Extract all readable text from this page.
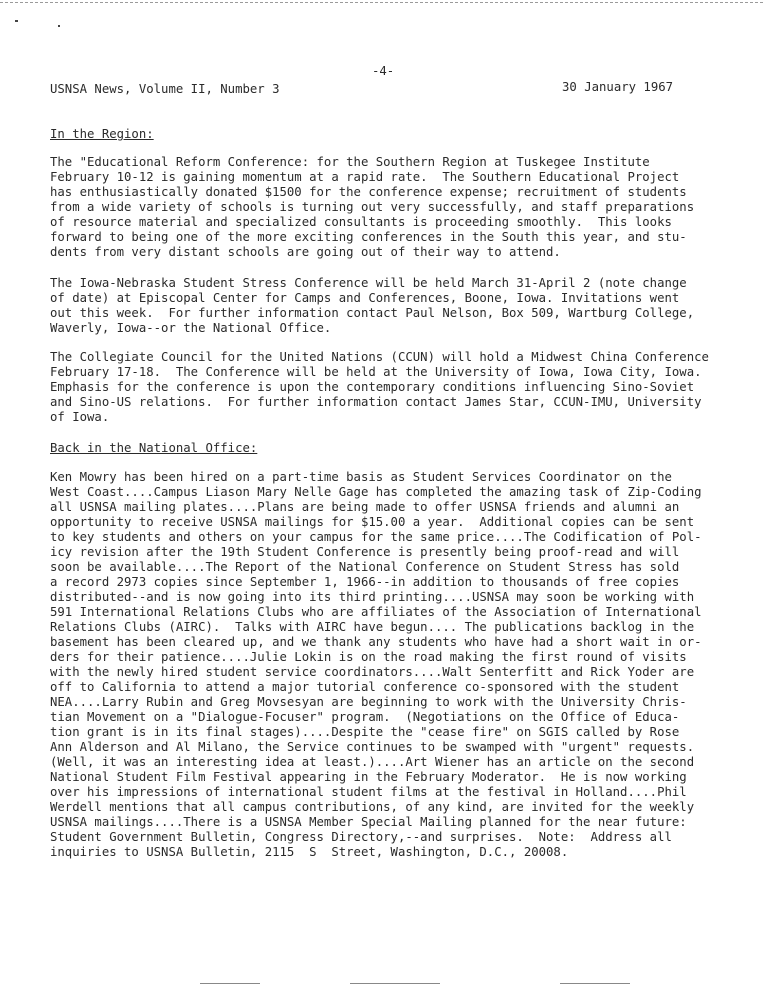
-4-
USNSA News, Volume II, Number 3	30 January 1967
In the Region:
The "Educational Reform Conference: for the Southern Region at Tuskegee Institute
February 10-12 is gaining momentum at a rapid rate.  The Southern Educational Project
has enthusiastically donated $1500 for the conference expense; recruitment of students
from a wide variety of schools is turning out very successfully, and staff preparations
of resource material and specialized consultants is proceeding smoothly.  This looks
forward to being one of the more exciting conferences in the South this year, and stu-
dents from very distant schools are going out of their way to attend.
The Iowa-Nebraska Student Stress Conference will be held March 31-April 2 (note change
of date) at Episcopal Center for Camps and Conferences, Boone, Iowa. Invitations went
out this week.  For further information contact Paul Nelson, Box 509, Wartburg College,
Waverly, Iowa--or the National Office.
The Collegiate Council for the United Nations (CCUN) will hold a Midwest China Conference
February 17-18.  The Conference will be held at the University of Iowa, Iowa City, Iowa.
Emphasis for the conference is upon the contemporary conditions influencing Sino-Soviet
and Sino-US relations.  For further information contact James Star, CCUN-IMU, University
of Iowa.
Back in the National Office:
Ken Mowry has been hired on a part-time basis as Student Services Coordinator on the
West Coast....Campus Liason Mary Nelle Gage has completed the amazing task of Zip-Coding
all USNSA mailing plates....Plans are being made to offer USNSA friends and alumni an
opportunity to receive USNSA mailings for $15.00 a year.  Additional copies can be sent
to key students and others on your campus for the same price....The Codification of Pol-
icy revision after the 19th Student Conference is presently being proof-read and will
soon be available....The Report of the National Conference on Student Stress has sold
a record 2973 copies since September 1, 1966--in addition to thousands of free copies
distributed--and is now going into its third printing....USNSA may soon be working with
591 International Relations Clubs who are affiliates of the Association of International
Relations Clubs (AIRC).  Talks with AIRC have begun.... The publications backlog in the
basement has been cleared up, and we thank any students who have had a short wait in or-
ders for their patience....Julie Lokin is on the road making the first round of visits
with the newly hired student service coordinators....Walt Senterfitt and Rick Yoder are
off to California to attend a major tutorial conference co-sponsored with the student
NEA....Larry Rubin and Greg Movsesyan are beginning to work with the University Chris-
tian Movement on a "Dialogue-Focuser" program.  (Negotiations on the Office of Educa-
tion grant is in its final stages)....Despite the "cease fire" on SGIS called by Rose
Ann Alderson and Al Milano, the Service continues to be swamped with "urgent" requests.
(Well, it was an interesting idea at least.)....Art Wiener has an article on the second
National Student Film Festival appearing in the February Moderator.  He is now working
over his impressions of international student films at the festival in Holland....Phil
Werdell mentions that all campus contributions, of any kind, are invited for the weekly
USNSA mailings....There is a USNSA Member Special Mailing planned for the near future:
Student Government Bulletin, Congress Directory,--and surprises.  Note:  Address all
inquiries to USNSA Bulletin, 2115  S  Street, Washington, D.C., 20008.
